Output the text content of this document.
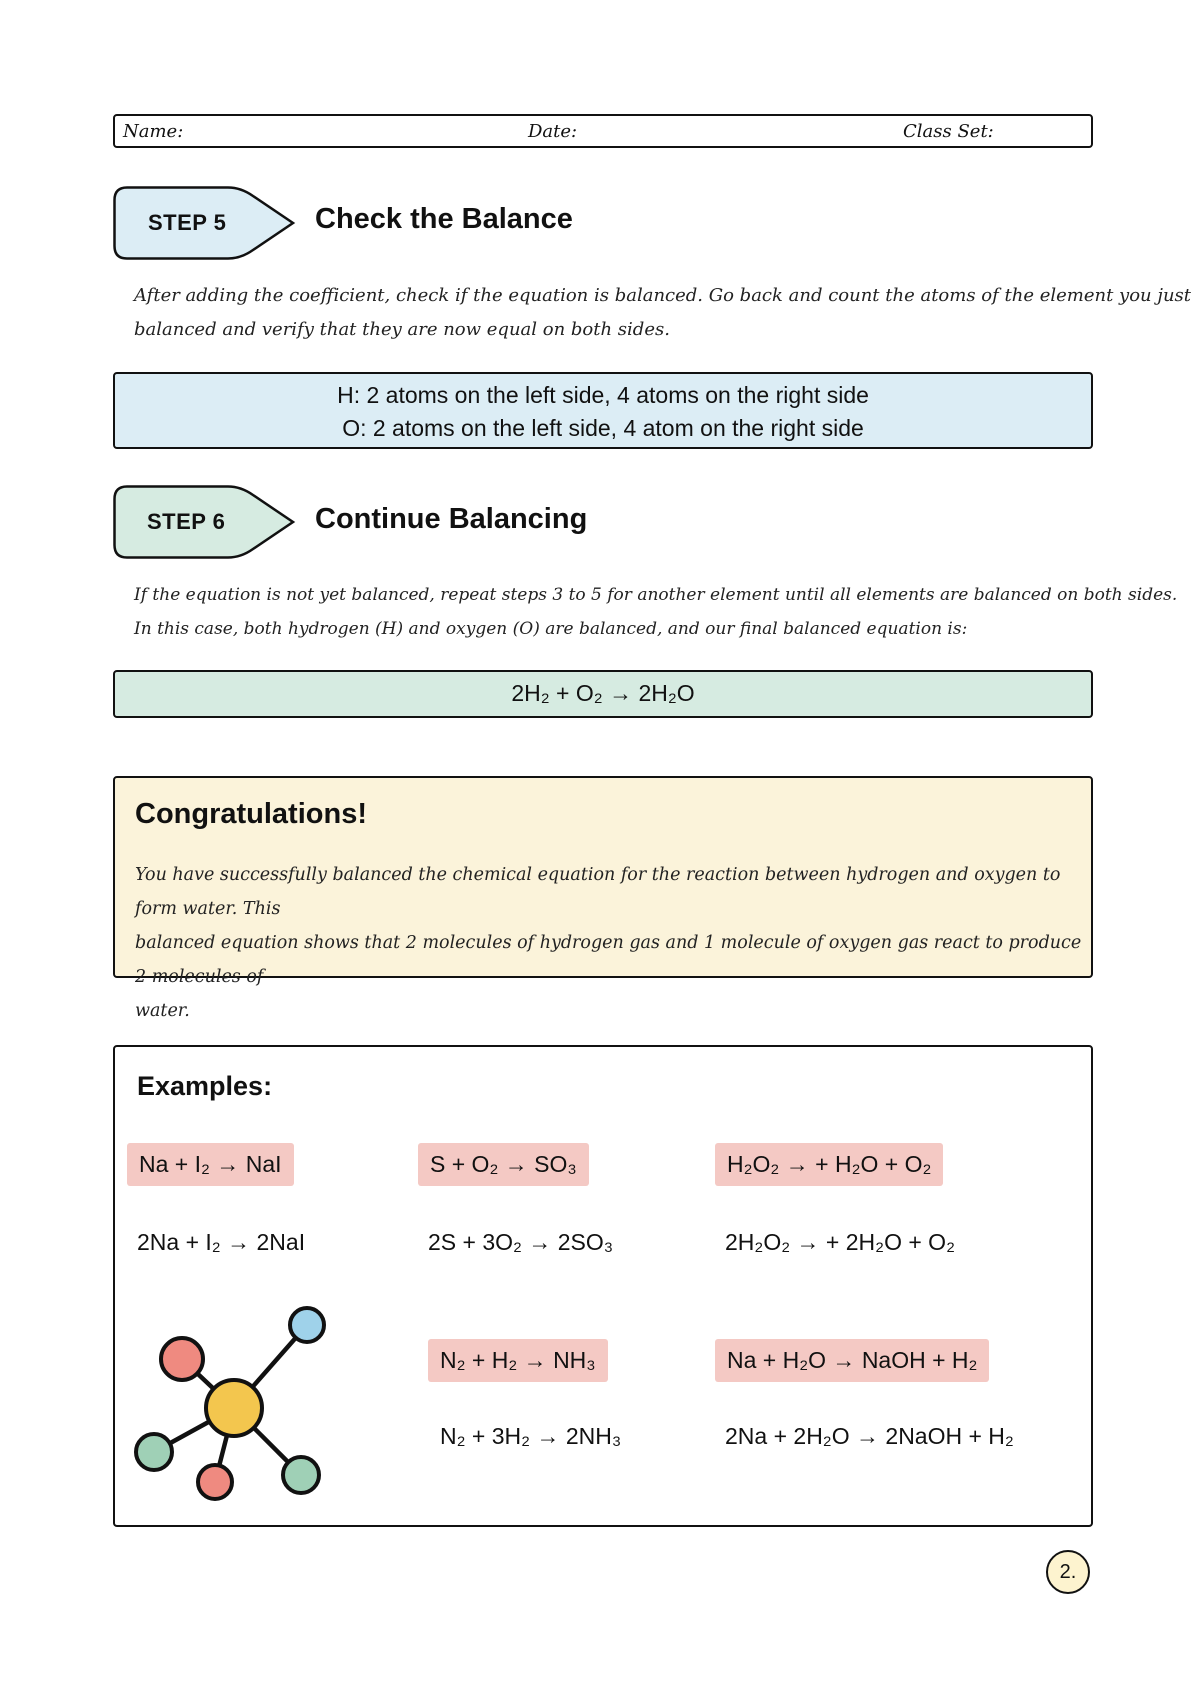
Name:	Date:	Class Set:
STEP 5	Check the Balance
After adding the coefficient, check if the equation is balanced. Go back and count the atoms of the element you just
balanced and verify that they are now equal on both sides.
H: 2 atoms on the left side, 4 atoms on the right side
O: 2 atoms on the left side, 4 atom on the right side
STEP 6	Continue Balancing
If the equation is not yet balanced, repeat steps 3 to 5 for another element until all elements are balanced on both sides.
In this case, both hydrogen (H) and oxygen (O) are balanced, and our final balanced equation is:
2H₂ + O₂ → 2H₂O
Congratulations!
You have successfully balanced the chemical equation for the reaction between hydrogen and oxygen to form water. This
balanced equation shows that 2 molecules of hydrogen gas and 1 molecule of oxygen gas react to produce 2 molecules of
water.
Examples:
Na + I₂ → NaI
2Na + I₂ → 2NaI
S + O₂ → SO₃
2S + 3O₂ → 2SO₃
H₂O₂ → + H₂O + O₂
2H₂O₂ → + 2H₂O + O₂
N₂ + H₂ → NH₃
N₂ + 3H₂ → 2NH₃
Na + H₂O → NaOH + H₂
2Na + 2H₂O → 2NaOH + H₂
2.
